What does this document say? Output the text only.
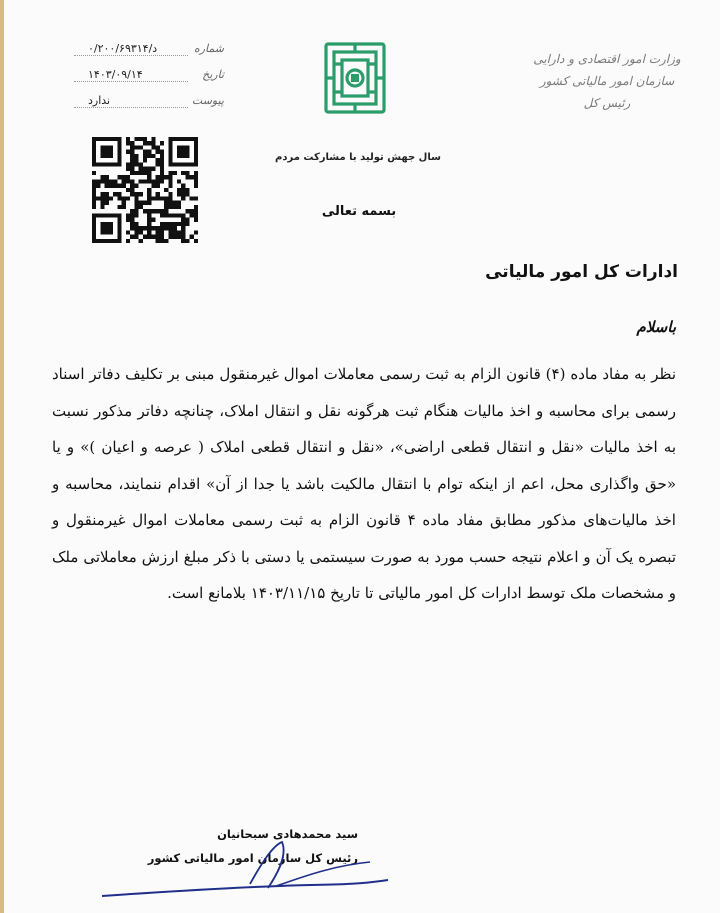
وزارت امور اقتصادی و دارایی
سازمان امور مالیاتی کشور
رئیس کل
سال جهش تولید با مشارکت مردم
بسمه تعالی
۰/۲۰۰/۶۹۳۱۴/د	شماره
۱۴۰۳/۰۹/۱۴	تاریخ
ندارد	پیوست
ادارات کل امور مالیاتی
باسلام

نظر به مفاد ماده (۴) قانون الزام به ثبت رسمی معاملات اموال غیرمنقول مبنی بر تکلیف دفاتر اسناد رسمی برای محاسبه و اخذ مالیات هنگام ثبت هرگونه نقل و انتقال املاک، چنانچه دفاتر مذکور نسبت به اخذ مالیات «نقل و انتقال قطعی اراضی»، «نقل و انتقال قطعی املاک ( عرصه و اعیان )» و یا «حق واگذاری محل، اعم از اینکه توام با انتقال مالکیت باشد یا جدا از آن» اقدام ننمایند، محاسبه و اخذ مالیات‌های مذکور مطابق مفاد ماده ۴ قانون الزام به ثبت رسمی معاملات اموال غیرمنقول و تبصره یک آن و اعلام نتیجه حسب مورد به صورت سیستمی یا دستی با ذکر مبلغ ارزش معاملاتی ملک و مشخصات ملک توسط ادارات کل امور مالیاتی تا تاریخ ۱۴۰۳/۱۱/۱۵ بلامانع است.

سید محمدهادی سبحانیان
رئیس کل سازمان امور مالیاتی کشور
